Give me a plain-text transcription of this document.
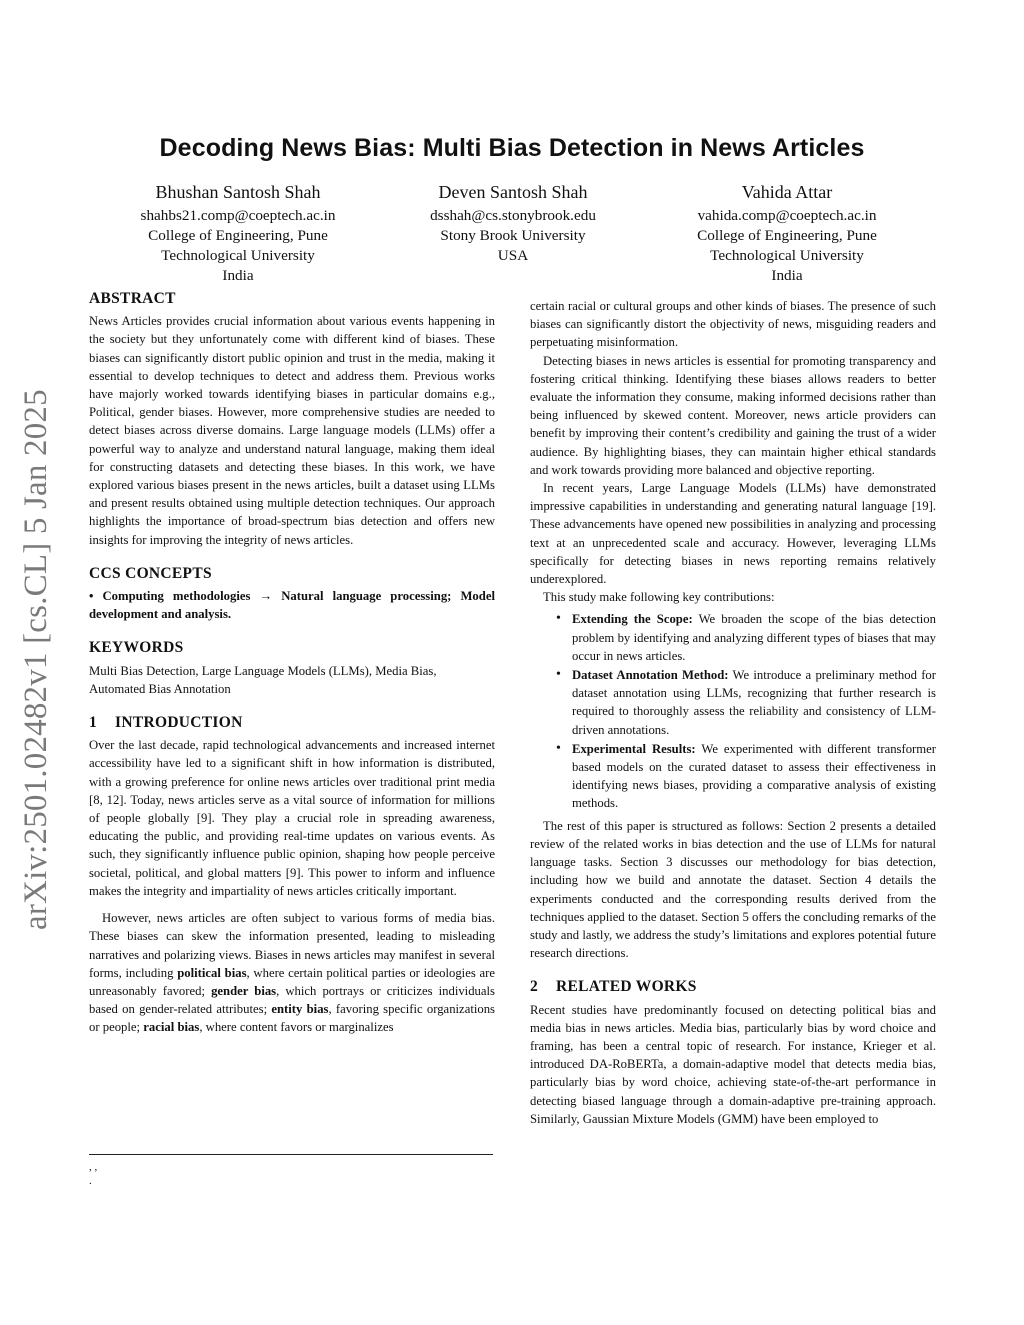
arXiv:2501.02482v1 [cs.CL] 5 Jan 2025
Decoding News Bias: Multi Bias Detection in News Articles
Bhushan Santosh Shah
shahbs21.comp@coeptech.ac.in
College of Engineering, Pune
Technological University
India
Deven Santosh Shah
dsshah@cs.stonybrook.edu
Stony Brook University
USA
Vahida Attar
vahida.comp@coeptech.ac.in
College of Engineering, Pune
Technological University
India
ABSTRACT

News Articles provides crucial information about various events happening in the society but they unfortunately come with different kind of biases. These biases can significantly distort public opinion and trust in the media, making it essential to develop techniques to detect and address them. Previous works have majorly worked towards identifying biases in particular domains e.g., Political, gender biases. However, more comprehensive studies are needed to detect biases across diverse domains. Large language models (LLMs) offer a powerful way to analyze and understand natural language, making them ideal for constructing datasets and detecting these biases. In this work, we have explored various biases present in the news articles, built a dataset using LLMs and present results obtained using multiple detection techniques. Our approach highlights the importance of broad-spectrum bias detection and offers new insights for improving the integrity of news articles.

CCS CONCEPTS

• Computing methodologies → Natural language processing; Model development and analysis.

KEYWORDS

Multi Bias Detection, Large Language Models (LLMs), Media Bias, Automated Bias Annotation

1 INTRODUCTION

Over the last decade, rapid technological advancements and increased internet accessibility have led to a significant shift in how information is distributed, with a growing preference for online news articles over traditional print media [8, 12]. Today, news articles serve as a vital source of information for millions of people globally [9]. They play a crucial role in spreading awareness, educating the public, and providing real-time updates on various events. As such, they significantly influence public opinion, shaping how people perceive societal, political, and global matters [9]. This power to inform and influence makes the integrity and impartiality of news articles critically important.

However, news articles are often subject to various forms of media bias. These biases can skew the information presented, leading to misleading narratives and polarizing views. Biases in news articles may manifest in several forms, including political bias, where certain political parties or ideologies are unreasonably favored; gender bias, which portrays or criticizes individuals based on gender-related attributes; entity bias, favoring specific organizations or people; racial bias, where content favors or marginalizes

, ,
.

certain racial or cultural groups and other kinds of biases. The presence of such biases can significantly distort the objectivity of news, misguiding readers and perpetuating misinformation.

Detecting biases in news articles is essential for promoting transparency and fostering critical thinking. Identifying these biases allows readers to better evaluate the information they consume, making informed decisions rather than being influenced by skewed content. Moreover, news article providers can benefit by improving their content’s credibility and gaining the trust of a wider audience. By highlighting biases, they can maintain higher ethical standards and work towards providing more balanced and objective reporting.

In recent years, Large Language Models (LLMs) have demonstrated impressive capabilities in understanding and generating natural language [19]. These advancements have opened new possibilities in analyzing and processing text at an unprecedented scale and accuracy. However, leveraging LLMs specifically for detecting biases in news reporting remains relatively underexplored.

This study make following key contributions:

• Extending the Scope: We broaden the scope of the bias detection problem by identifying and analyzing different types of biases that may occur in news articles.
• Dataset Annotation Method: We introduce a preliminary method for dataset annotation using LLMs, recognizing that further research is required to thoroughly assess the reliability and consistency of LLM-driven annotations.
• Experimental Results: We experimented with different transformer based models on the curated dataset to assess their effectiveness in identifying news biases, providing a comparative analysis of existing methods.

The rest of this paper is structured as follows: Section 2 presents a detailed review of the related works in bias detection and the use of LLMs for natural language tasks. Section 3 discusses our methodology for bias detection, including how we build and annotate the dataset. Section 4 details the experiments conducted and the corresponding results derived from the techniques applied to the dataset. Section 5 offers the concluding remarks of the study and lastly, we address the study’s limitations and explores potential future research directions.

2 RELATED WORKS

Recent studies have predominantly focused on detecting political bias and media bias in news articles. Media bias, particularly bias by word choice and framing, has been a central topic of research. For instance, Krieger et al. introduced DA-RoBERTa, a domain-adaptive model that detects media bias, particularly bias by word choice, achieving state-of-the-art performance in detecting biased language through a domain-adaptive pre-training approach. Similarly, Gaussian Mixture Models (GMM) have been employed to
